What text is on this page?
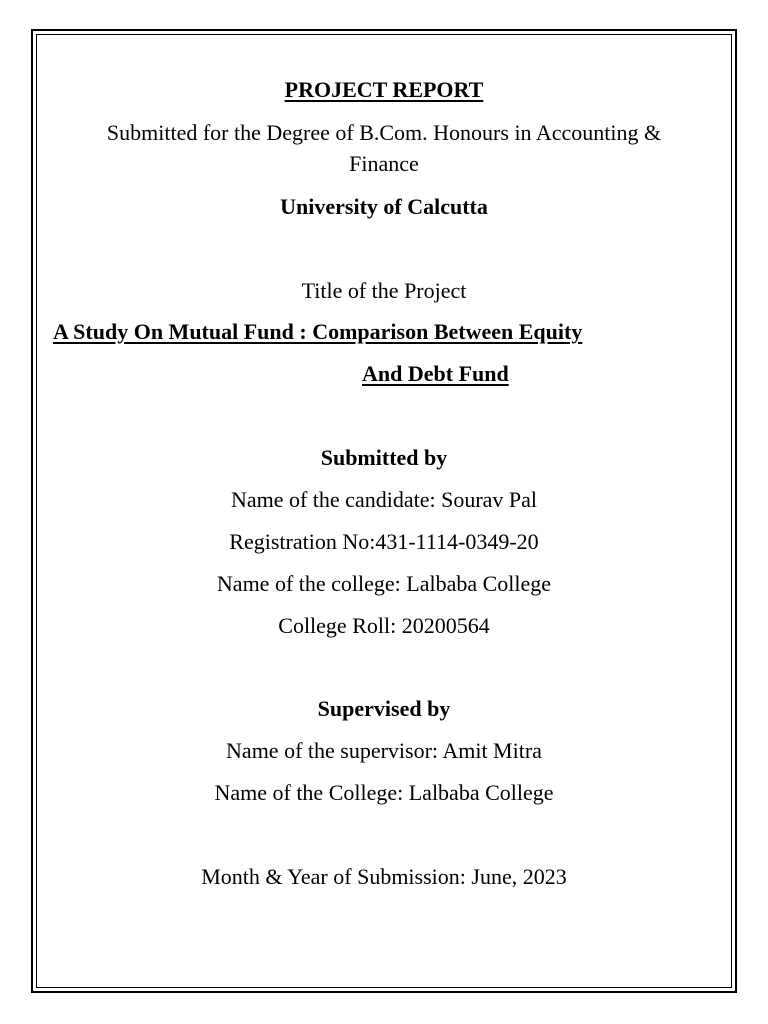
PROJECT REPORT
Submitted for the Degree of B.Com. Honours in Accounting &
Finance
University of Calcutta
Title of the Project
A Study On Mutual Fund : Comparison Between Equity
And Debt Fund
Submitted by
Name of the candidate: Sourav Pal
Registration No:431-1114-0349-20
Name of the college: Lalbaba College
College Roll: 20200564
Supervised by
Name of the supervisor: Amit Mitra
Name of the College: Lalbaba College
Month & Year of Submission: June, 2023
